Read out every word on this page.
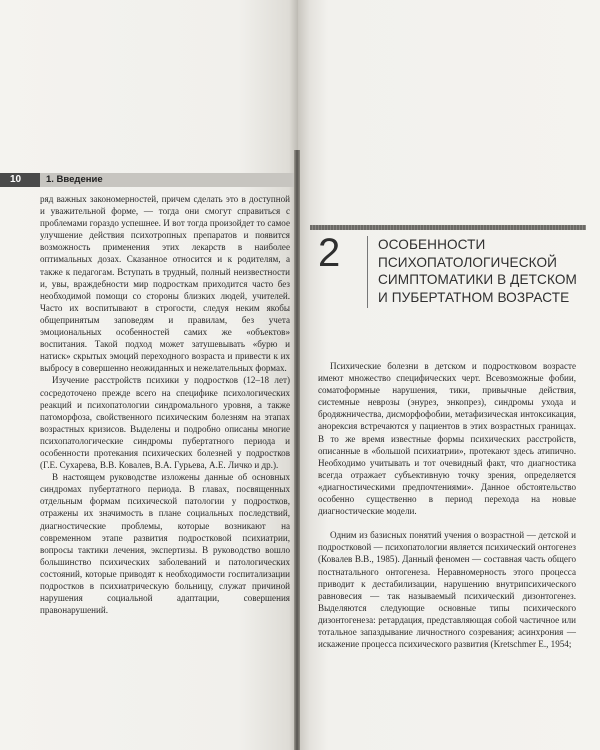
10	1. Введение

ряд важных закономерностей, причем сделать это в доступной и уважительной форме, — тогда они смогут справиться с проблемами гораздо успешнее. И вот тогда произойдет то самое улучшение действия психотропных препаратов и появится возможность применения этих лекарств в наиболее оптимальных дозах. Сказанное относится и к родителям, а также к педагогам. Вступать в трудный, полный неизвестности и, увы, враждебности мир подросткам приходится часто без необходимой помощи со стороны близких людей, учителей. Часто их воспитывают в строгости, следуя неким якобы общепринятым заповедям и правилам, без учета эмоциональных особенностей самих же «объектов» воспитания. Такой подход может затушевывать «бурю и натиск» скрытых эмоций переходного возраста и привести к их выбросу в совершенно неожиданных и нежелательных формах.

Изучение расстройств психики у подростков (12–18 лет) сосредоточено прежде всего на специфике психологических реакций и психопатологии синдромального уровня, а также патоморфоза, свойственного психическим болезням на этапах возрастных кризисов. Выделены и подробно описаны многие психопатологические синдромы пубертатного периода и особенности протекания психических болезней у подростков (Г.Е. Сухарева, В.В. Ковалев, В.А. Гурьева, А.Е. Личко и др.).

В настоящем руководстве изложены данные об основных синдромах пубертатного периода. В главах, посвященных отдельным формам психической патологии у подростков, отражены их значимость в плане социальных последствий, диагностические проблемы, которые возникают на современном этапе развития подростковой психиатрии, вопросы тактики лечения, экспертизы. В руководство вошло большинство психических заболеваний и патологических состояний, которые приводят к необходимости госпитализации подростков в психиатрическую больницу, служат причиной нарушения социальной адаптации, совершения правонарушений.

2	ОСОБЕННОСТИ
ПСИХОПАТОЛОГИЧЕСКОЙ
СИМПТОМАТИКИ В ДЕТСКОМ
И ПУБЕРТАТНОМ ВОЗРАСТЕ

Психические болезни в детском и подростковом возрасте имеют множество специфических черт. Всевозможные фобии, соматоформные нарушения, тики, привычные действия, системные неврозы (энурез, энкопрез), синдромы ухода и бродяжничества, дисморфофобии, метафизическая интоксикация, анорексия встречаются у пациентов в этих возрастных границах. В то же время известные формы психических расстройств, описанные в «большой психиатрии», протекают здесь атипично. Необходимо учитывать и тот очевидный факт, что диагностика всегда отражает субъективную точку зрения, определяется «диагностическими предпочтениями». Данное обстоятельство особенно существенно в период перехода на новые диагностические модели.

Одним из базисных понятий учения о возрастной — детской и подростковой — психопатологии является психический онтогенез (Ковалев В.В., 1985). Данный феномен — составная часть общего постнатального онтогенеза. Неравномерность этого процесса приводит к дестабилизации, нарушению внутрипсихического равновесия — так называемый психический дизонтогенез. Выделяются следующие основные типы психического дизонтогенеза: ретардация, представляющая собой частичное или тотальное запаздывание личностного созревания; асинхрония — искажение процесса психического развития (Kretschmer E., 1954;
